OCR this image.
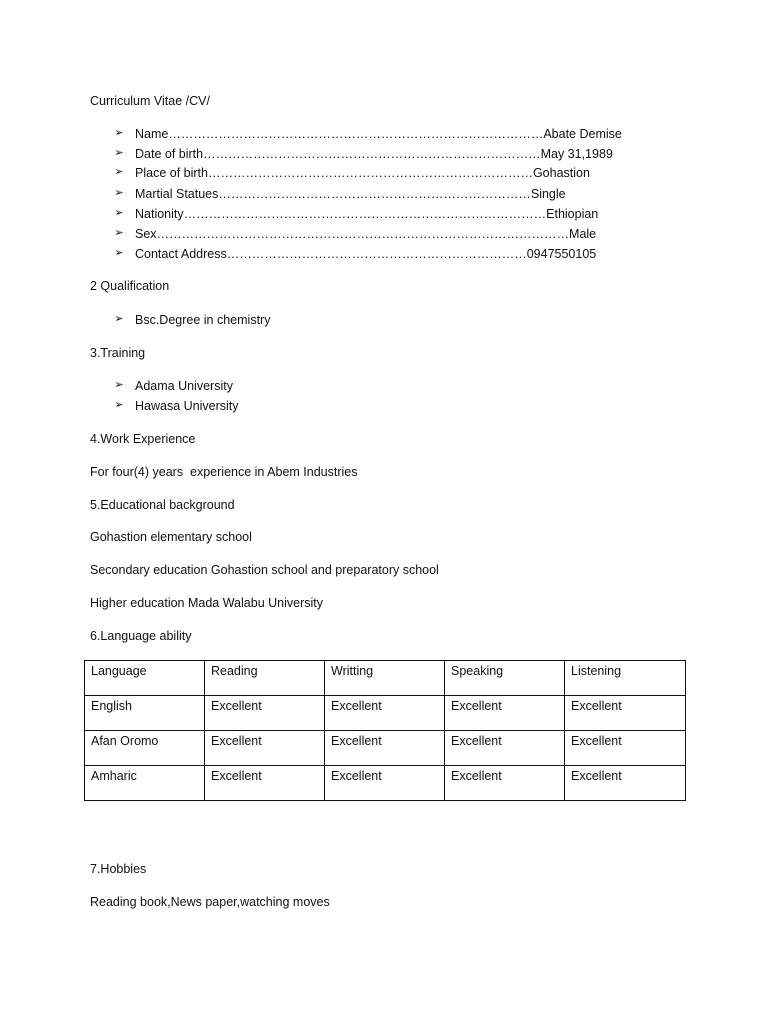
Curriculum Vitae /CV/
➢ Name………………………………………………………………………………Abate Demise
➢ Date of birth………………………………………………………………………May 31,1989
➢ Place of birth……………………………………………………………………Gohastion
➢ Martial Statues…………………………………………………………………Single
➢ Nationity……………………………………………………………………………Ethiopian
➢ Sex………………………………………………………………………………………Male
➢ Contact Address………………………………………………………………0947550105
2 Qualification
➢ Bsc.Degree in chemistry
3.Training
➢ Adama University
➢ Hawasa University
4.Work Experience
For four(4) years  experience in Abem Industries
5.Educational background
Gohastion elementary school
Secondary education Gohastion school and preparatory school
Higher education Mada Walabu University
6.Language ability
Language	Reading	Writting	Speaking	Listening
English	Excellent	Excellent	Excellent	Excellent
Afan Oromo	Excellent	Excellent	Excellent	Excellent
Amharic	Excellent	Excellent	Excellent	Excellent
7.Hobbies
Reading book,News paper,watching moves
